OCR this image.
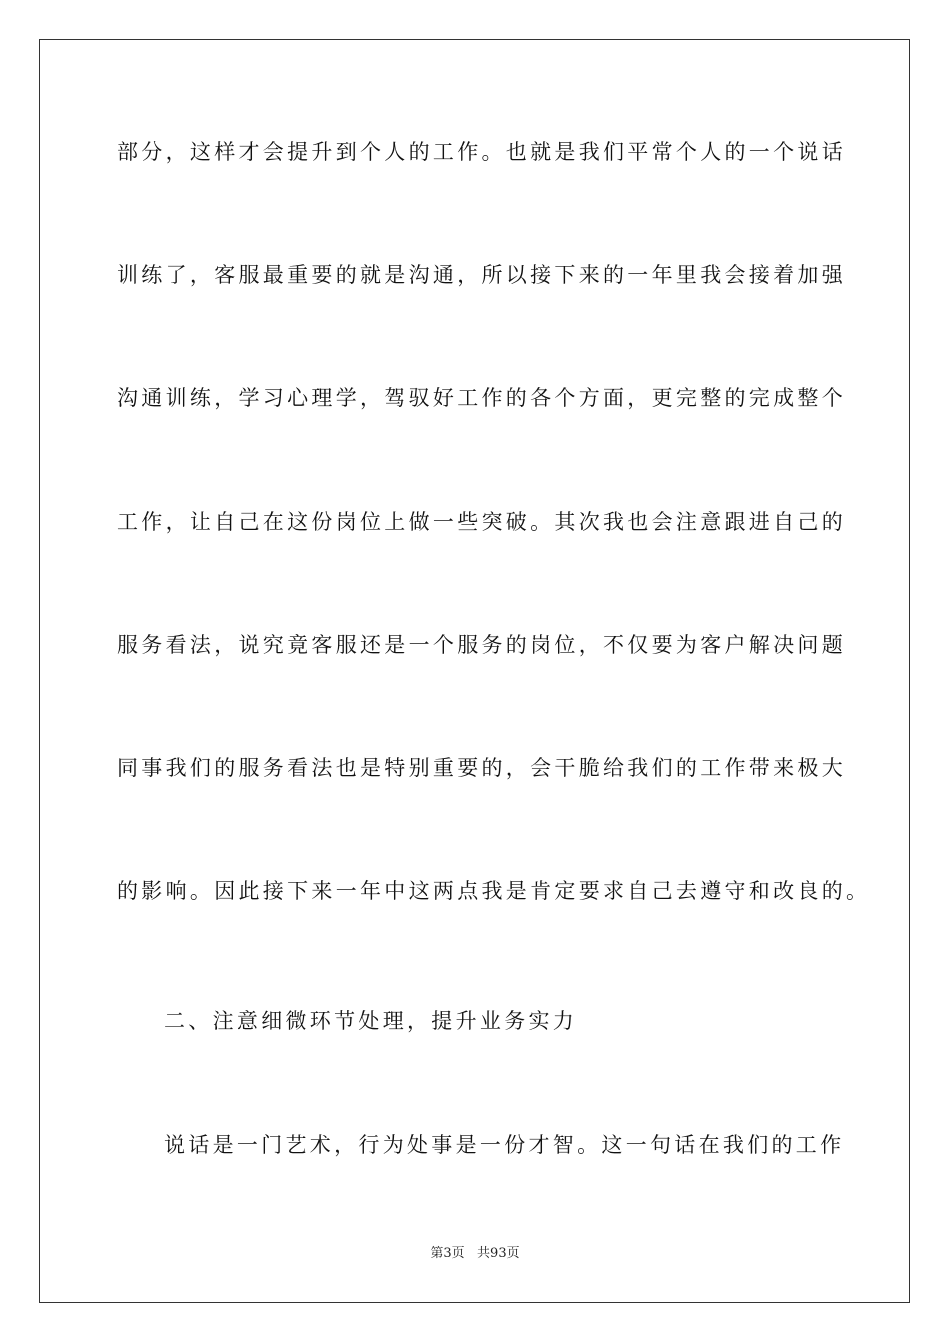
部分，这样才会提升到个人的工作。也就是我们平常个人的一个说话
训练了，客服最重要的就是沟通，所以接下来的一年里我会接着加强
沟通训练，学习心理学，驾驭好工作的各个方面，更完整的完成整个
工作，让自己在这份岗位上做一些突破。其次我也会注意跟进自己的
服务看法，说究竟客服还是一个服务的岗位，不仅要为客户解决问题
同事我们的服务看法也是特别重要的，会干脆给我们的工作带来极大
的影响。因此接下来一年中这两点我是肯定要求自己去遵守和改良的。
二、注意细微环节处理，提升业务实力
说话是一门艺术，行为处事是一份才智。这一句话在我们的工作
第3页   共93页
